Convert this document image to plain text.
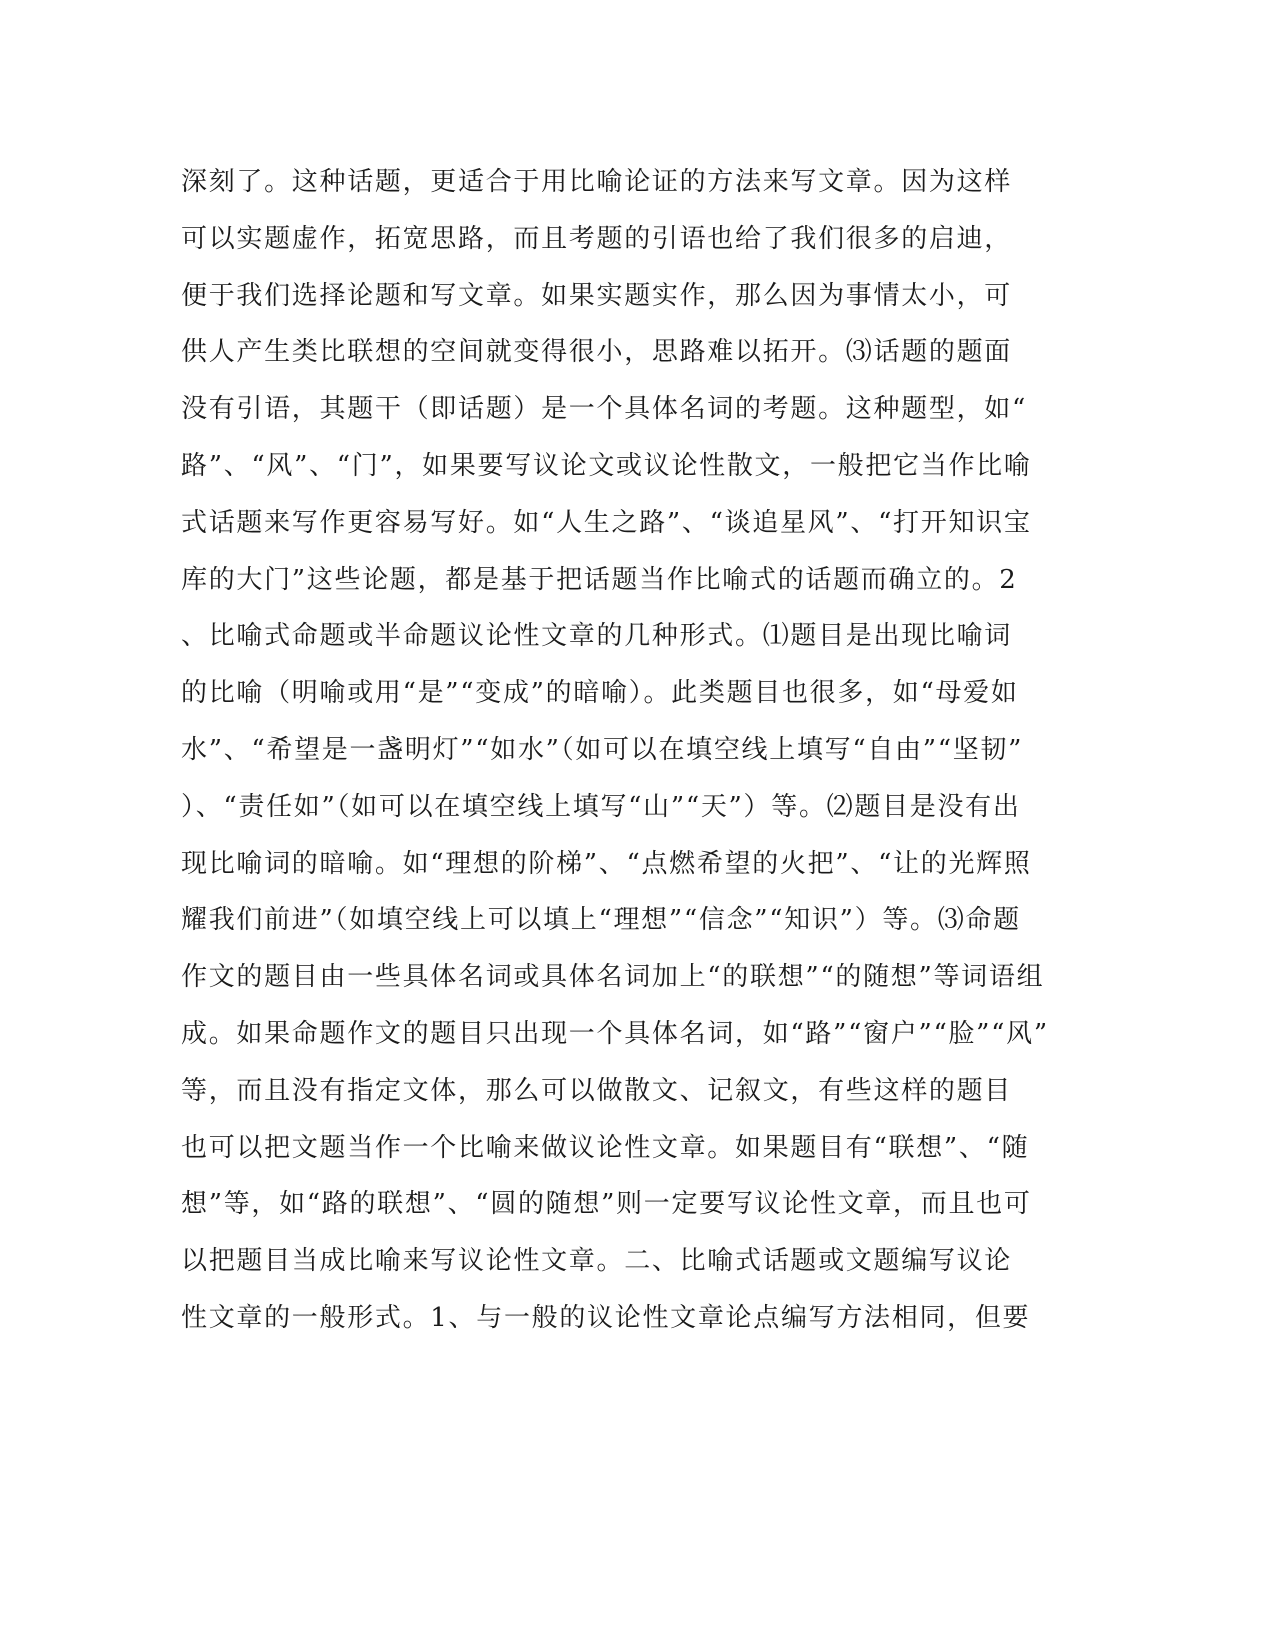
深刻了。这种话题，更适合于用比喻论证的方法来写文章。因为这样
可以实题虚作，拓宽思路，而且考题的引语也给了我们很多的启迪，
便于我们选择论题和写文章。如果实题实作，那么因为事情太小，可
供人产生类比联想的空间就变得很小，思路难以拓开。⑶话题的题面
没有引语，其题干（即话题）是一个具体名词的考题。这种题型，如“
路”、“风”、“门”，如果要写议论文或议论性散文，一般把它当作比喻
式话题来写作更容易写好。如“人生之路”、“谈追星风”、“打开知识宝
库的大门”这些论题，都是基于把话题当作比喻式的话题而确立的。2
、比喻式命题或半命题议论性文章的几种形式。⑴题目是出现比喻词
的比喻（明喻或用“是”“变成”的暗喻）。此类题目也很多，如“母爱如
水”、“希望是一盏明灯”“如水”（如可以在填空线上填写“自由”“坚韧”
）、“责任如”（如可以在填空线上填写“山”“天”）等。⑵题目是没有出
现比喻词的暗喻。如“理想的阶梯”、“点燃希望的火把”、“让的光辉照
耀我们前进”（如填空线上可以填上“理想”“信念”“知识”）等。⑶命题
作文的题目由一些具体名词或具体名词加上“的联想”“的随想”等词语组
成。如果命题作文的题目只出现一个具体名词，如“路”“窗户”“脸”“风”
等，而且没有指定文体，那么可以做散文、记叙文，有些这样的题目
也可以把文题当作一个比喻来做议论性文章。如果题目有“联想”、“随
想”等，如“路的联想”、“圆的随想”则一定要写议论性文章，而且也可
以把题目当成比喻来写议论性文章。二、比喻式话题或文题编写议论
性文章的一般形式。1、与一般的议论性文章论点编写方法相同，但要
